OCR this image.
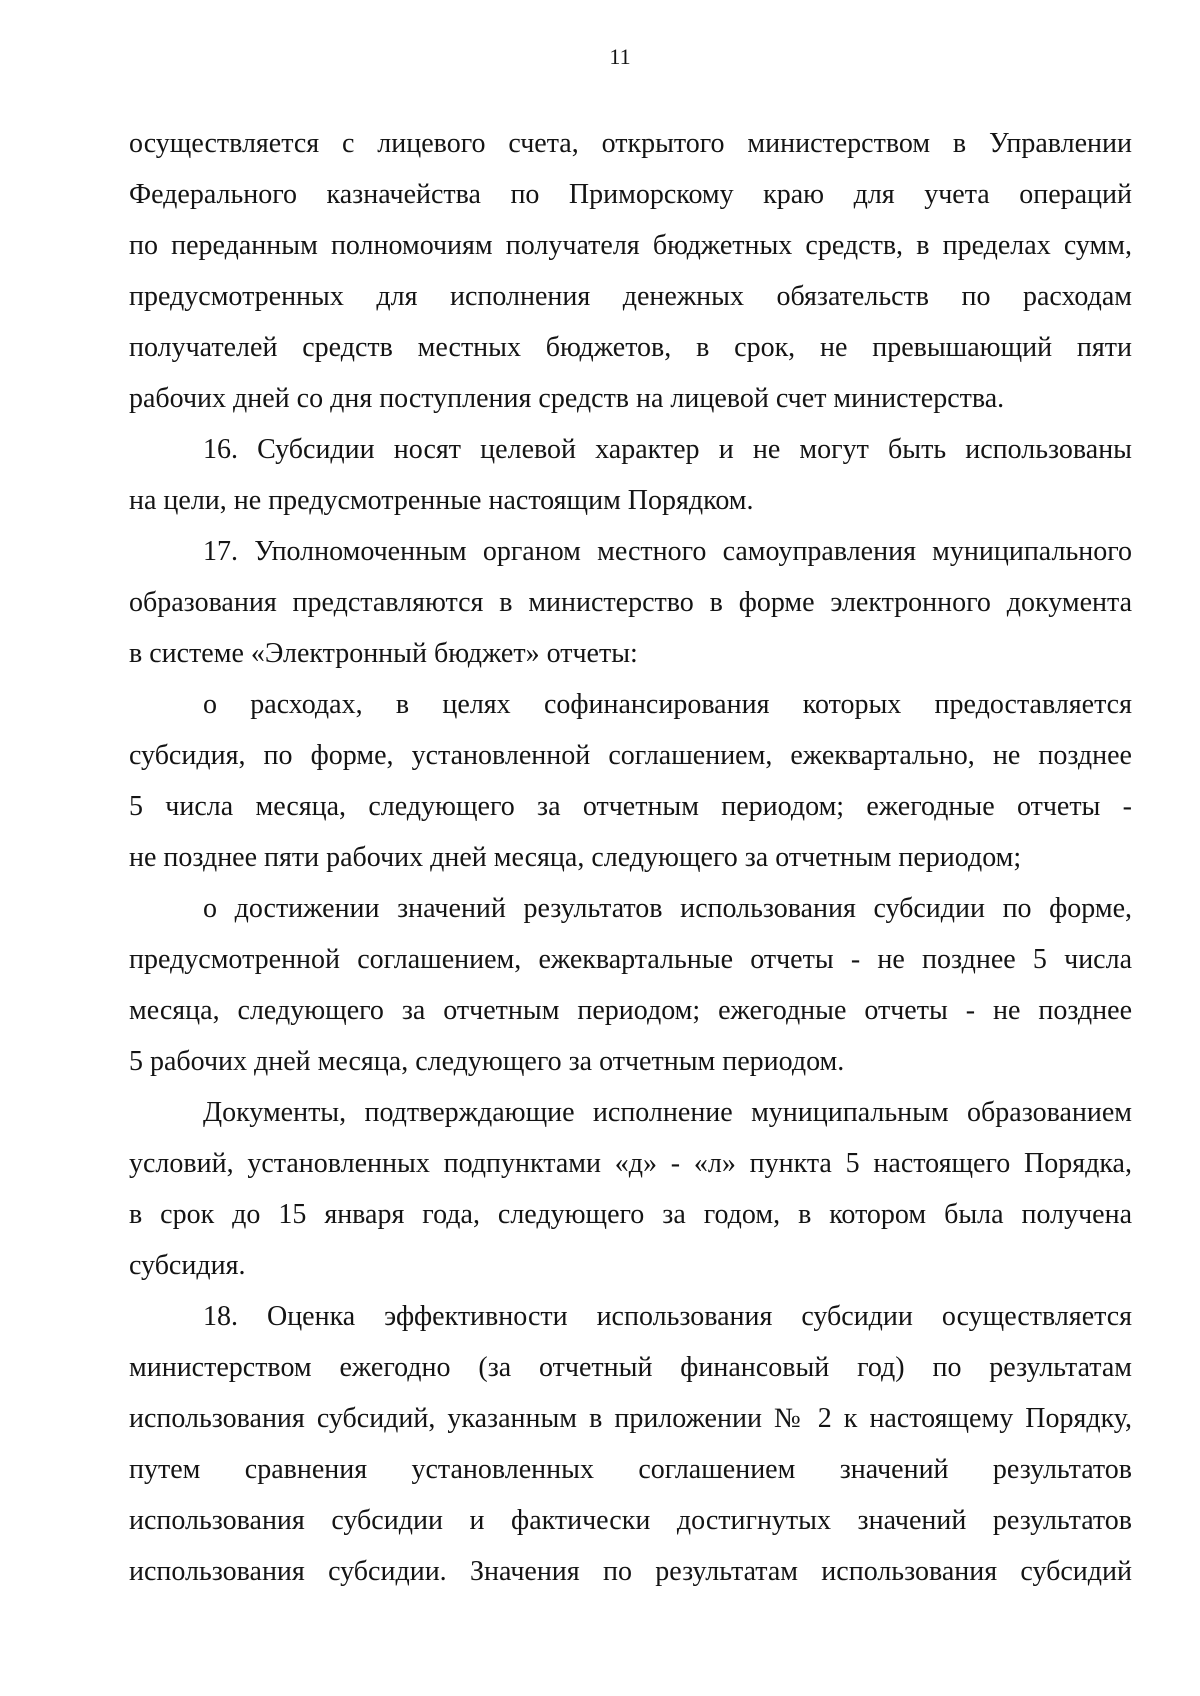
11
осуществляется с лицевого счета, открытого министерством в Управлении
Федерального казначейства по Приморскому краю для учета операций
по переданным полномочиям получателя бюджетных средств, в пределах сумм,
предусмотренных для исполнения денежных обязательств по расходам
получателей средств местных бюджетов, в срок, не превышающий пяти
рабочих дней со дня поступления средств на лицевой счет министерства.
16. Субсидии носят целевой характер и не могут быть использованы
на цели, не предусмотренные настоящим Порядком.
17. Уполномоченным органом местного самоуправления муниципального
образования представляются в министерство в форме электронного документа
в системе «Электронный бюджет» отчеты:
о расходах, в целях софинансирования которых предоставляется
субсидия, по форме, установленной соглашением, ежеквартально, не позднее
5 числа месяца, следующего за отчетным периодом; ежегодные отчеты -
не позднее пяти рабочих дней месяца, следующего за отчетным периодом;
о достижении значений результатов использования субсидии по форме,
предусмотренной соглашением, ежеквартальные отчеты - не позднее 5 числа
месяца, следующего за отчетным периодом; ежегодные отчеты - не позднее
5 рабочих дней месяца, следующего за отчетным периодом.
Документы, подтверждающие исполнение муниципальным образованием
условий, установленных подпунктами «д» - «л» пункта 5 настоящего Порядка,
в срок до 15 января года, следующего за годом, в котором была получена
субсидия.
18. Оценка эффективности использования субсидии осуществляется
министерством ежегодно (за отчетный финансовый год) по результатам
использования субсидий, указанным в приложении № 2 к настоящему Порядку,
путем сравнения установленных соглашением значений результатов
использования субсидии и фактически достигнутых значений результатов
использования субсидии. Значения по результатам использования субсидий
